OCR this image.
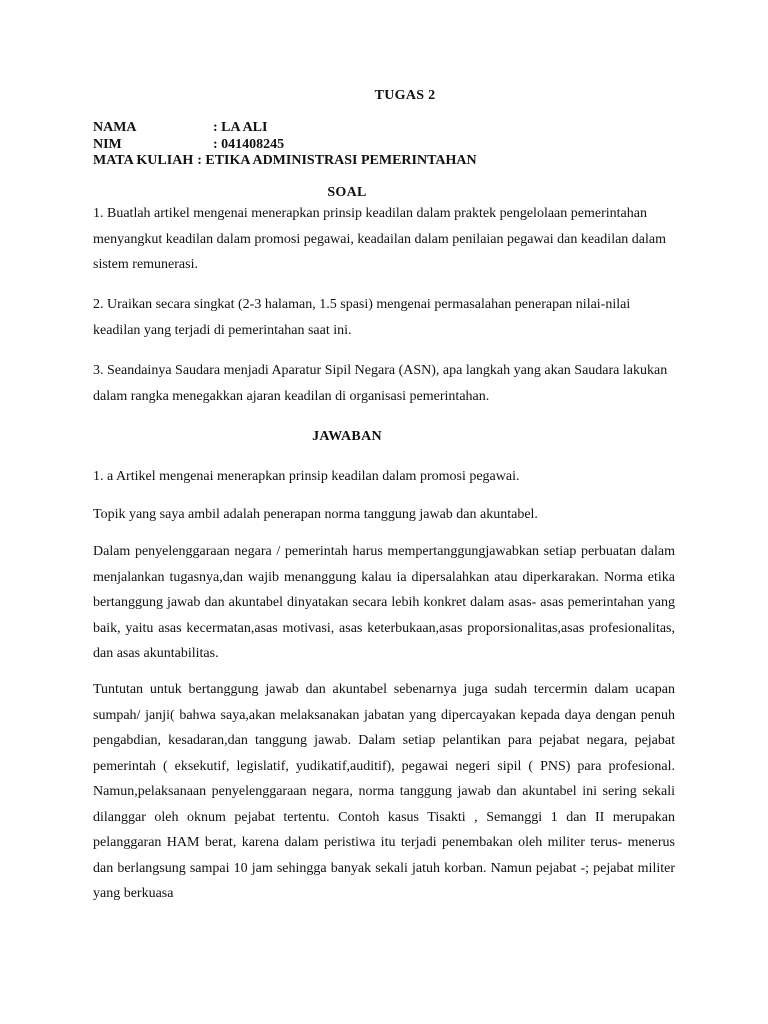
TUGAS 2
NAMA	: LA ALI
NIM	: 041408245
MATA KULIAH : ETIKA ADMINISTRASI PEMERINTAHAN
SOAL

1. Buatlah artikel mengenai menerapkan prinsip keadilan dalam praktek pengelolaan pemerintahan menyangkut keadilan dalam promosi pegawai, keadailan dalam penilaian pegawai dan keadilan dalam sistem remunerasi.

2. Uraikan secara singkat (2-3 halaman, 1.5 spasi) mengenai permasalahan penerapan nilai-nilai keadilan yang terjadi di pemerintahan saat ini.

3. Seandainya Saudara menjadi Aparatur Sipil Negara (ASN), apa langkah yang akan Saudara lakukan dalam rangka menegakkan ajaran keadilan di organisasi pemerintahan.

JAWABAN

1. a Artikel mengenai menerapkan prinsip keadilan dalam promosi pegawai.

Topik yang saya ambil adalah penerapan norma tanggung jawab dan akuntabel.

Dalam penyelenggaraan negara / pemerintah harus mempertanggungjawabkan setiap perbuatan dalam menjalankan tugasnya,dan wajib menanggung kalau ia dipersalahkan atau diperkarakan. Norma etika bertanggung jawab dan akuntabel dinyatakan secara lebih konkret dalam asas- asas pemerintahan yang baik, yaitu asas kecermatan,asas motivasi, asas keterbukaan,asas proporsionalitas,asas profesionalitas, dan asas akuntabilitas.

Tuntutan untuk bertanggung jawab dan akuntabel sebenarnya juga sudah tercermin dalam ucapan sumpah/ janji( bahwa saya,akan melaksanakan jabatan yang dipercayakan kepada daya dengan penuh pengabdian, kesadaran,dan tanggung jawab. Dalam setiap pelantikan para pejabat negara, pejabat pemerintah ( eksekutif, legislatif, yudikatif,auditif), pegawai negeri sipil ( PNS) para profesional. Namun,pelaksanaan penyelenggaraan negara, norma tanggung jawab dan akuntabel ini sering sekali dilanggar oleh oknum pejabat tertentu. Contoh kasus Tisakti , Semanggi 1 dan II merupakan pelanggaran HAM berat, karena dalam peristiwa itu terjadi penembakan oleh militer terus- menerus dan berlangsung sampai 10 jam sehingga banyak sekali jatuh korban. Namun pejabat -; pejabat militer yang berkuasa
